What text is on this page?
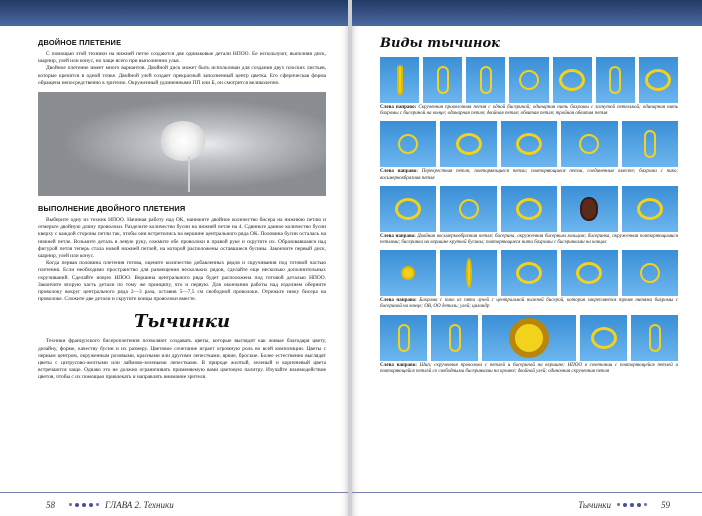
ДВОЙНОЕ ПЛЕТЕНИЕ

С помощью этой техники на нижней петле создаются две одинаковые детали НПОО. Ее используют, выполняя диск, шарнир, улей или конус, но чаще всего при выполнении улья.

Двойное плетение имеет много вариантов. Двойной диск может быть использован для создания двух плоских листьев, которые крепятся в одной точке. Двойной улей создает прекрасный заполненный центр цветка. Его сферическая форма обращена непосредственно к зрителю. Окруженный удлиненными ПП или Б, он смотрится великолепно.

ВЫПОЛНЕНИЕ ДВОЙНОГО ПЛЕТЕНИЯ

Выберите одну из техник НПОО. Начиная работу над ОК, нанижите двойное количество бисера на нижнюю петлю и отмерьте двойную длину проволоки. Разделите количество бусин на нижней петле на 4. Сдвиньте данное количество бусин кверху с каждой стороны петли так, чтобы они встретились на вершине центрального ряда ОК. Половина бусин осталась на нижней петле. Возьмите деталь в левую руку, сожмите обе проволоки в правой руке и скрутите их. Образовавшаяся над фигурой петля теперь стала новой нижней петлей, на которой расположены оставшиеся бусины. Закончите первый диск, шарнир, улей или конус.

Когда первая половина плетения готова, оцените количество добавленных рядов и скручивания под готовой частью плетения. Если необходимо пространство для размещения нескольких рядов, сделайте еще несколько дополнительных скручиваний. Сделайте новую НПОО. Вершина центрального ряда будет расположена под готовой деталью НПОО. Закончите вторую часть детали по тому же принципу, что и первую. Для окончания работы над изделием оберните проволоку вокруг центрального ряда 2—3 раза, оставив 5—7,5 см свободной проволоки. Отрежьте нижу бисера на проволоке. Сложите две детали и скрутите концы проволоки вместе.

Тычинки

Техники французского бисероплетения позволяют создавать цветы, которые выглядят как живые благодаря цвету, дизайну, форме, качеству бусин и их размеру. Цветовое сочетание играет огромную роль во всей композиции. Цветы с черным центром, окруженным розовыми, красными или другими лепестками, яркие, броские. Более естественно выглядят цветы с цитрусово-желтыми или лаймово-зелеными лепестками. В природе желтый, зеленый и коричневый цвета встречаются чаще. Однако это не должно ограничивать применяемую вами цветовую палитру. Изучайте взаимодействие цветов, чтобы с их помощью привлекать и направлять внимание зрителя.

58	ГЛАВА 2. Техники
Виды тычинок
Слева направо: Скрученная проволочная петля с одной бисериной; одинарная нить бахромы с загнутой петелькой; одинарная нить бахромы с бисериной на конце; одинарная петля; двойная петля; обвитая петля; тройная обвитая петля
Слева направо: Перекрестная петля; повторяющиеся петли; повторяющиеся петли, соединенные вместе; бахрома с пико; восьмерковбразная петля
Слева направо: Двойная восьмерковбразная петля; бисерина, окруженная бисерным кольцом; бисеринка, окруженная повторяющимися петлями; бисеринка на вершине крупной бусины; повторяющиеся нити бахромы с бисеринками на концах
Слева направо: Бахрома с пико из пяти лучей с центральной нижней бисерой, которая закрепляется тремя нитями бахромы с бисериной на конце; ОВ, ОО деталь; улей; цилиндр
Слева направо: Шип; скрученная проволока с петлей и бисериной на вершине; НПОО в сочетании с повторяющейся петлей и повторяющейся петлей со свободными бисеринками на кромке; двойной улей; одиночная скрученная петля
Тычинки	59
